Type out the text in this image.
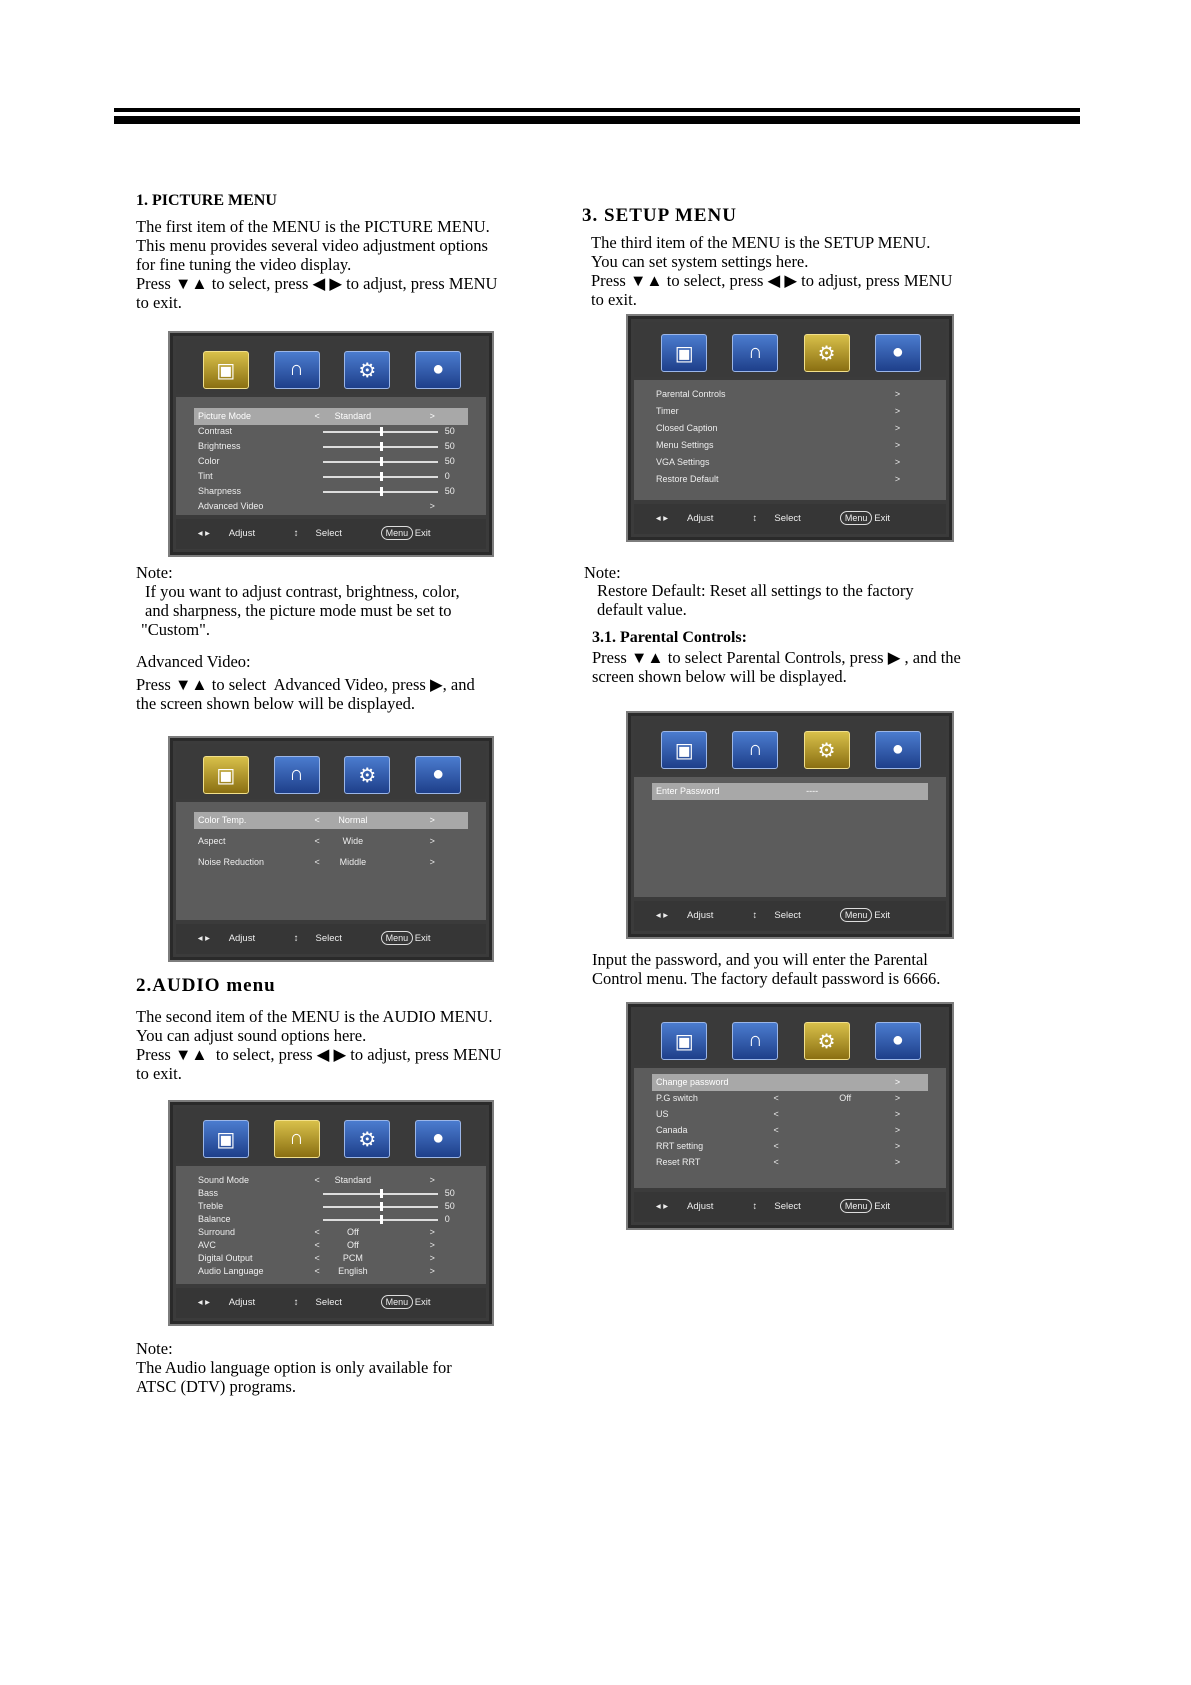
1. PICTURE MENU
The first item of the MENU is the PICTURE MENU.
This menu provides several video adjustment options
for fine tuning the video display.
Press ▼▲ to select, press ◀ ▶ to adjust, press MENU
to exit.
▣	∩	⚙	●
Picture Mode	<	Standard	>
Contrast	50
Brightness	50
Color	50
Tint	0
Sharpness	50
Advanced Video	>
◂ ▸ Adjust	↕ Select	Menu Exit
Note:
If you want to adjust contrast, brightness, color,
and sharpness, the picture mode must be set to
"Custom".
Advanced Video:
Press ▼▲ to select  Advanced Video, press ▶, and
the screen shown below will be displayed.
▣	∩	⚙	●
Color Temp.	<	Normal	>
Aspect	<	Wide	>
Noise Reduction	<	Middle	>
◂ ▸ Adjust	↕ Select	Menu Exit
2.AUDIO menu
The second item of the MENU is the AUDIO MENU.
You can adjust sound options here.
Press ▼▲  to select, press ◀ ▶ to adjust, press MENU
to exit.
▣	∩	⚙	●
Sound Mode	<	Standard	>
Bass	50
Treble	50
Balance	0
Surround	<	Off	>
AVC	<	Off	>
Digital Output	<	PCM	>
Audio Language	<	English	>
◂ ▸ Adjust	↕ Select	Menu Exit
Note:
The Audio language option is only available for
ATSC (DTV) programs.
3. SETUP MENU
The third item of the MENU is the SETUP MENU.
You can set system settings here.
Press ▼▲ to select, press ◀ ▶ to adjust, press MENU
to exit.
▣	∩	⚙	●
Parental Controls	>
Timer	>
Closed Caption	>
Menu Settings	>
VGA Settings	>
Restore Default	>
◂ ▸ Adjust	↕ Select	Menu Exit
Note:
Restore Default: Reset all settings to the factory
default value.
3.1. Parental Controls:
Press ▼▲ to select Parental Controls, press ▶ , and the
screen shown below will be displayed.
▣	∩	⚙	●
Enter Password	----
◂ ▸ Adjust	↕ Select	Menu Exit
Input the password, and you will enter the Parental
Control menu. The factory default password is 6666.
▣	∩	⚙	●
Change password	>
P.G switch	<	Off	>
US	<	>
Canada	<	>
RRT setting	<	>
Reset RRT	<	>
◂ ▸ Adjust	↕ Select	Menu Exit
